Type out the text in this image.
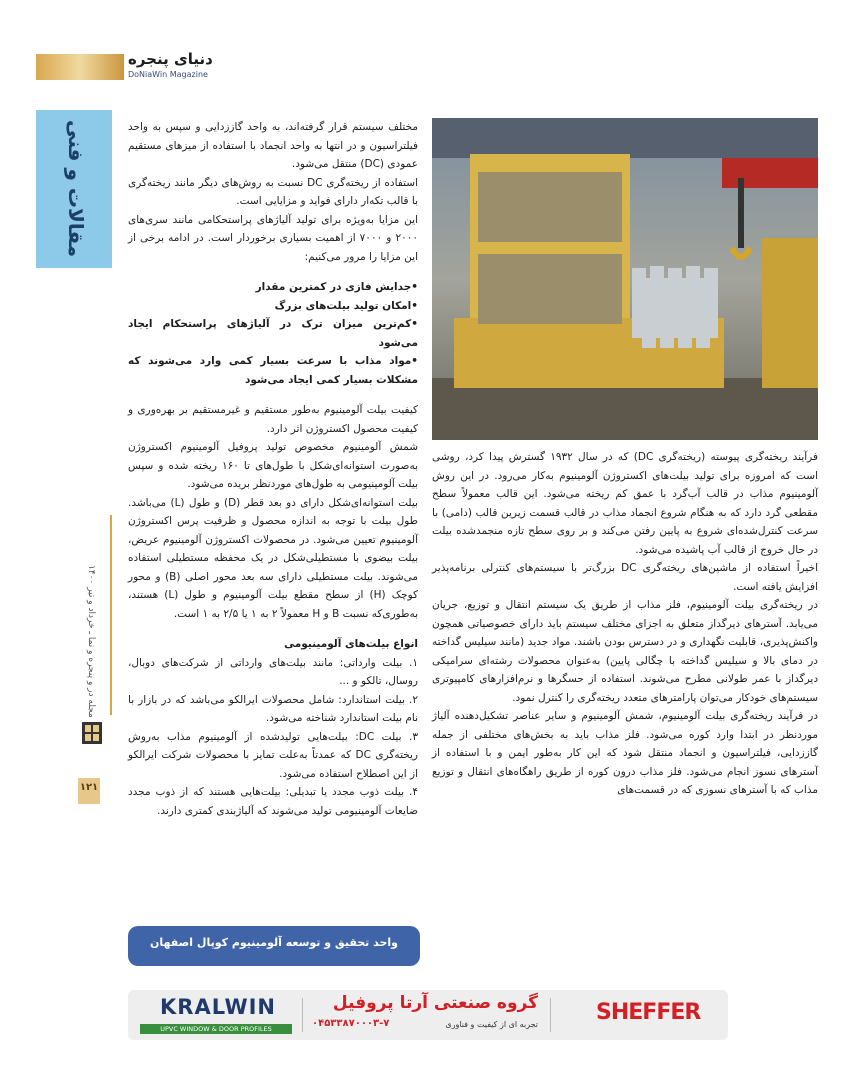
دنیای پنجره
DoNiaWin Magazine
مقالات و فنی
مجله در و پنجره و نما ـ خرداد و تیر ۱۴۰۰
۱۲۱

فرآیند ریخته‌گری پیوسته (ریخته‌گری DC) که در سال ۱۹۳۲ گسترش پیدا کرد، روشی است که امروزه برای تولید بیلت‌های اکستروژن آلومینیوم به‌کار می‌رود. در این روش آلومینیوم مذاب در قالب آب‌گرد با عمق کم ریخته می‌شود. این قالب معمولاً سطح مقطعی گرد دارد که به هنگام شروع انجماد مذاب در قالب قسمت زیرین قالب (دامی) با سرعت کنترل‌شده‌ای شروع به پایین رفتن می‌کند و بر روی سطح تازه منجمدشده بیلت در حال خروج از قالب آب پاشیده می‌شود.

اخیراً استفاده از ماشین‌های ریخته‌گری DC بزرگ‌تر با سیستم‌های کنترلی برنامه‌پذیر افزایش یافته است.

در ریخته‌گری بیلت آلومینیوم، فلز مذاب از طریق یک سیستم انتقال و توزیع، جریان می‌یابد. آسترهای دیرگداز متعلق به اجزای مختلف سیستم باید دارای خصوصیاتی همچون واکنش‌پذیری، قابلیت نگهداری و در دسترس بودن باشند. مواد جدید (مانند سیلیس گداخته در دمای بالا و سیلیس گداخته با چگالی پایین) به‌عنوان محصولات رشته‌ای سرامیکی دیرگداز با عمر طولانی مطرح می‌شوند. استفاده از حسگرها و نرم‌افزارهای کامپیوتری سیستم‌های خودکار می‌توان پارامترهای متعدد ریخته‌گری را کنترل نمود.

در فرآیند ریخته‌گری بیلت آلومینیوم، شمش آلومینیوم و سایر عناصر تشکیل‌دهنده آلیاژ موردنظر در ابتدا وارد کوره می‌شود. فلز مذاب باید به بخش‌های مختلفی از جمله گاززدایی، فیلتراسیون و انجماد منتقل شود که این کار به‌طور ایمن و با استفاده از آسترهای نسوز انجام می‌شود. فلز مذاب درون کوره از طریق راهگاه‌های انتقال و توزیع مذاب که با آسترهای نسوزی که در قسمت‌های

مختلف سیستم قرار گرفته‌اند، به واحد گاززدایی و سپس به واحد فیلتراسیون و در انتها به واحد انجماد با استفاده از میز‌های مستقیم عمودی (DC) منتقل می‌شود.

استفاده از ریخته‌گری DC نسبت به روش‌های دیگر مانند ریخته‌گری با قالب تکه‌ار دارای فواید و مزایایی است.

این مزایا به‌ویژه برای تولید آلیاژهای پراستحکامی مانند سری‌های ۲۰۰۰ و ۷۰۰۰ از اهمیت بسیاری برخوردار است. در ادامه برخی از این مزایا را مرور می‌کنیم:

•جدایش فازی در کمترین مقدار

•امکان تولید بیلت‌های بزرگ

•کم‌ترین میزان ترک در آلیاژهای پراستحکام ایجاد می‌شود

•مواد مذاب با سرعت بسیار کمی وارد می‌شوند که مشکلات بسیار کمی ایجاد می‌شود

کیفیت بیلت آلومینیوم به‌طور مستقیم و غیرمستقیم بر بهره‌وری و کیفیت محصول اکستروژن اثر دارد.

شمش آلومینیوم مخصوص تولید پروفیل آلومینیوم اکستروژن به‌صورت استوانه‌ای‌شکل با طول‌های تا ۱۶۰ ریخته شده و سپس بیلت آلومینیومی به طول‌های موردنظر بریده می‌شود.

بیلت استوانه‌ای‌شکل دارای دو بعد قطر (D) و طول (L) می‌باشد. طول بیلت با توجه به اندازه محصول و ظرفیت پرس اکستروژن آلومینیوم تعیین می‌شود. در محصولات اکستروژن آلومینیوم عریض، بیلت بیضوی با مستطیلی‌شکل در یک محفظه مستطیلی استفاده می‌شوند. بیلت مستطیلی دارای سه بعد محور اصلی (B) و محور کوچک (H) از سطح مقطع بیلت آلومینیوم و طول (L) هستند، به‌طوری‌که نسبت B و H معمولاً ۲ به ۱ یا ۲/۵ به ۱ است.

انواع بیلت‌های آلومینیومی

۱. بیلت وارداتی: مانند بیلت‌های وارداتی از شرکت‌های دوبال، روسال، تالکو و ...

۲. بیلت استاندارد: شامل محصولات ایرالکو می‌باشد که در بازار با نام بیلت استاندارد شناخته می‌شود.

۳. بیلت DC: بیلت‌هایی تولیدشده از آلومینیوم مذاب به‌روش ریخته‌گری DC که عمدتاً به‌علت تمایز با محصولات شرکت ایرالکو از این اصطلاح استفاده می‌شود.

۴. بیلت ذوب مجدد یا تبدیلی: بیلت‌هایی هستند که از ذوب مجدد ضایعات آلومینیومی تولید می‌شوند که آلیاژبندی کمتری دارند.

واحد تحقیق و توسعه آلومینیوم کوپال اصفهان
KRALWIN
UPVC WINDOW & DOOR PROFILES
گروه صنعتی آرتا پروفیل
تجربه ای از کیفیت و فناوری
۰۴۵۳۳۸۷۰۰۰۳-۷	SHEFFER
